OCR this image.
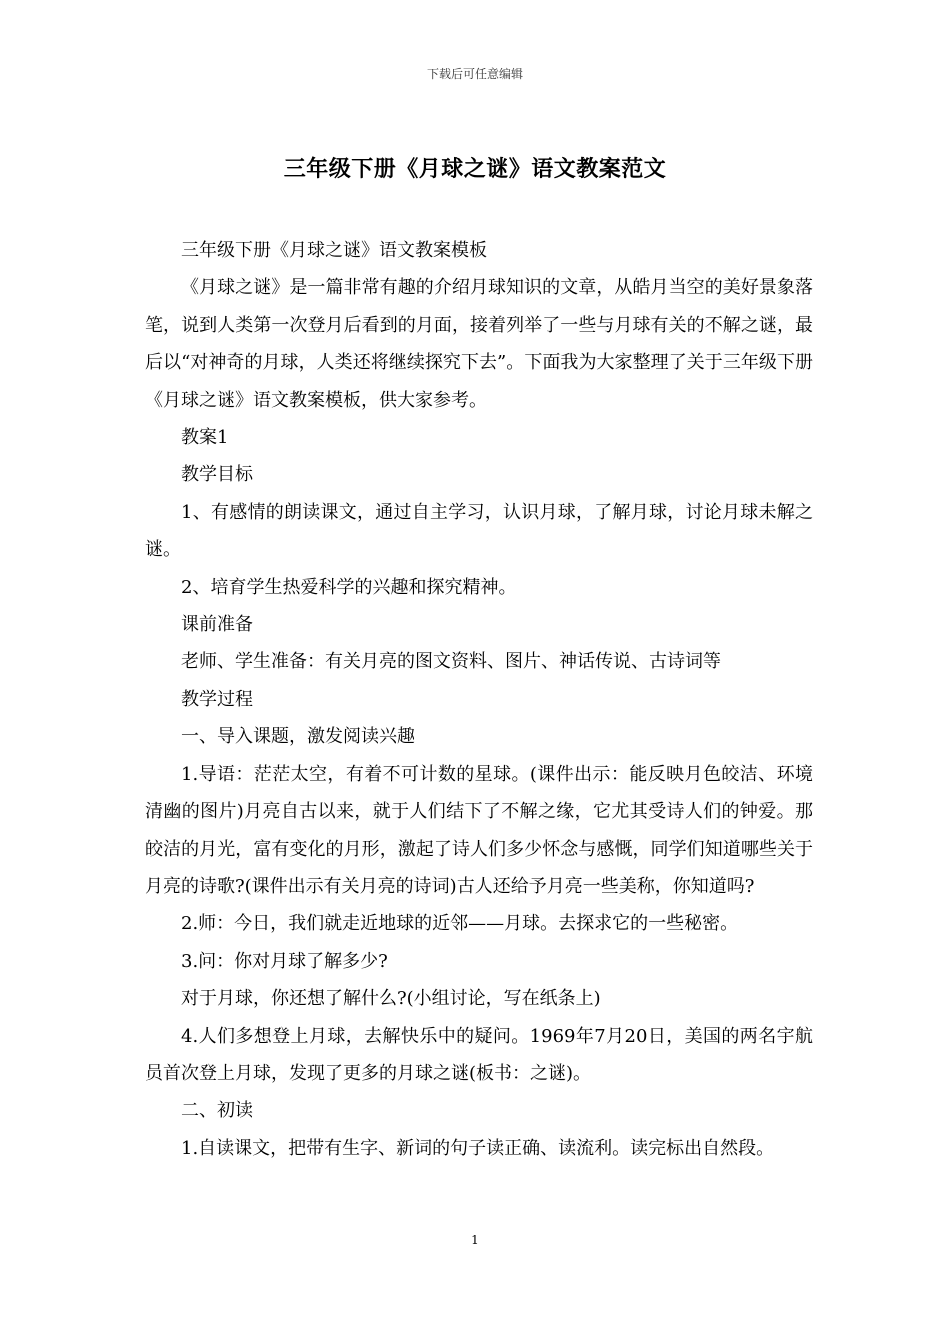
下载后可任意编辑
三年级下册《月球之谜》语文教案范文

三年级下册《月球之谜》语文教案模板

《月球之谜》是一篇非常有趣的介绍月球知识的文章，从皓月当空的美好景象落笔，说到人类第一次登月后看到的月面，接着列举了一些与月球有关的不解之谜，最后以“对神奇的月球，人类还将继续探究下去”。下面我为大家整理了关于三年级下册《月球之谜》语文教案模板，供大家参考。

教案1

教学目标

1、有感情的朗读课文，通过自主学习，认识月球，了解月球，讨论月球未解之谜。

2、培育学生热爱科学的兴趣和探究精神。

课前准备

老师、学生准备：有关月亮的图文资料、图片、神话传说、古诗词等

教学过程

一、导入课题，激发阅读兴趣

1.导语：茫茫太空，有着不可计数的星球。(课件出示：能反映月色皎洁、环境清幽的图片)月亮自古以来，就于人们结下了不解之缘，它尤其受诗人们的钟爱。那皎洁的月光，富有变化的月形，激起了诗人们多少怀念与感慨，同学们知道哪些关于月亮的诗歌?(课件出示有关月亮的诗词)古人还给予月亮一些美称，你知道吗?

2.师：今日，我们就走近地球的近邻——月球。去探求它的一些秘密。

3.问：你对月球了解多少?

对于月球，你还想了解什么?(小组讨论，写在纸条上)

4.人们多想登上月球，去解快乐中的疑问。1969年7月20日，美国的两名宇航员首次登上月球，发现了更多的月球之谜(板书：之谜)。

二、初读

1.自读课文，把带有生字、新词的句子读正确、读流利。读完标出自然段。

1
